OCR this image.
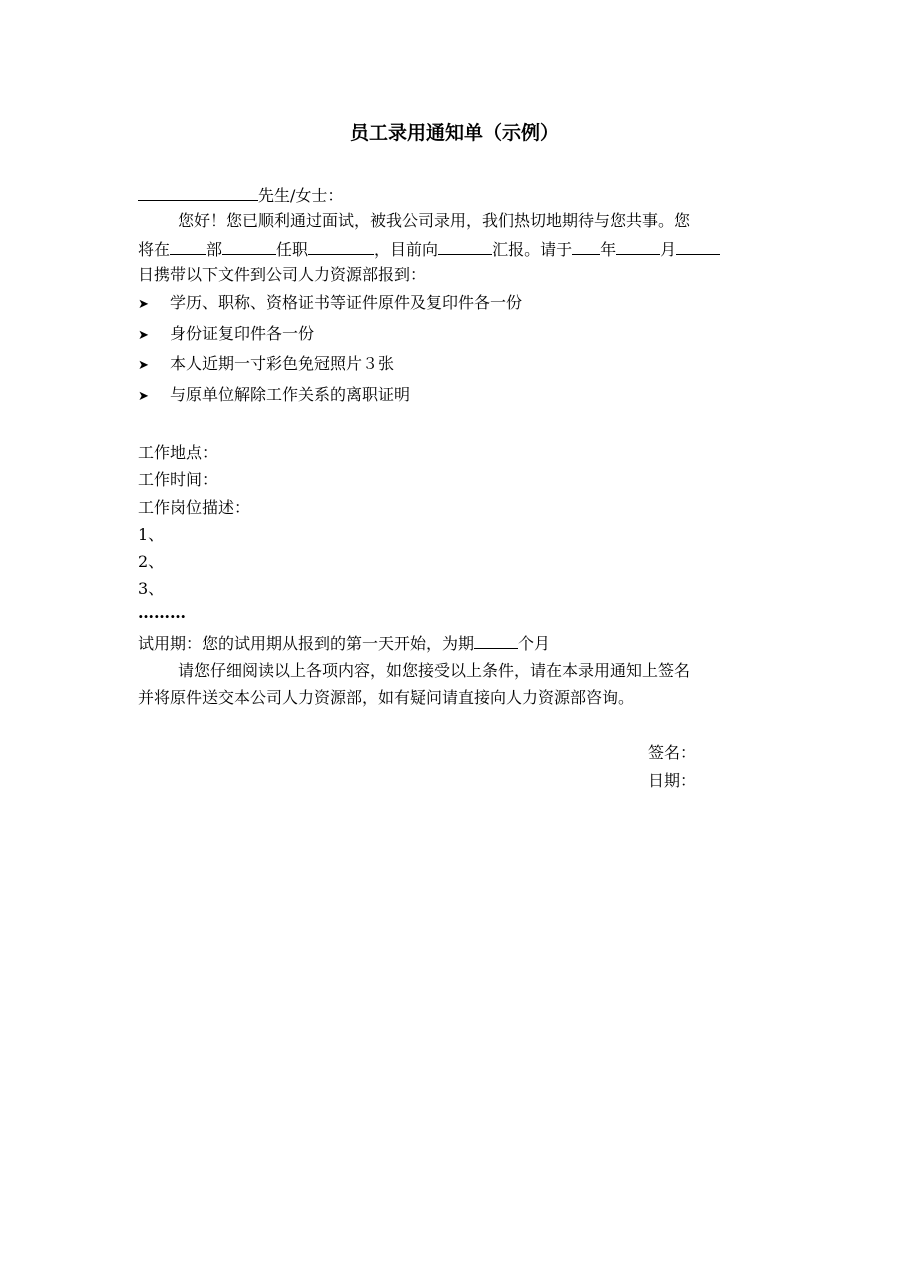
员工录用通知单（示例）
先生/女士：
您好！您已顺利通过面试，被我公司录用，我们热切地期待与您共事。您
将在 部	任职	，目前向	汇报。请于 年	月
日携带以下文件到公司人力资源部报到：
➤ 学历、职称、资格证书等证件原件及复印件各一份
➤ 身份证复印件各一份
➤ 本人近期一寸彩色免冠照片３张
➤ 与原单位解除工作关系的离职证明
工作地点：
工作时间：
工作岗位描述：
1、
2、
3、
………
试用期：您的试用期从报到的第一天开始，为期	个月
请您仔细阅读以上各项内容，如您接受以上条件，请在本录用通知上签名
并将原件送交本公司人力资源部，如有疑问请直接向人力资源部咨询。
签名：
日期：
